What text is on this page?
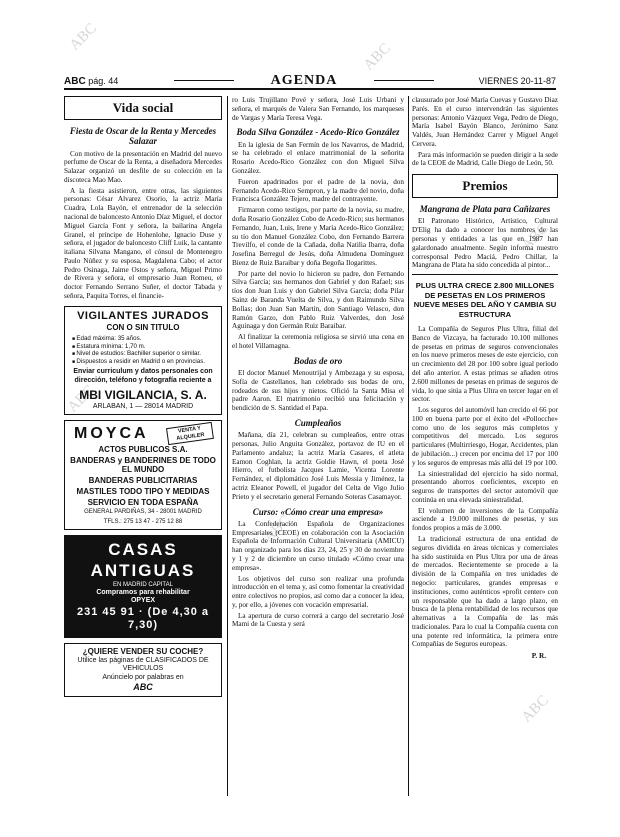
ABC
ABC
ABC
ABC
ABC
ABC
ABC pág. 44	AGENDA	VIERNES 20-11-87
Vida social
Fiesta de Oscar de la Renta y Mercedes Salazar

Con motivo de la presentación en Madrid del nuevo perfume de Oscar de la Renta, a diseñadora Mercedes Salazar organizó un desfile de su colección en la discoteca Mao Mao.

A la fiesta asistieron, entre otras, las siguientes personas: César Alvarez Osorio, la actriz María Cuadra, Lola Bayón, el entrenador de la selección nacional de baloncesto Antonio Díaz Miguel, el doctor Miguel García Font y señora, la bailarina Angela Granel, el príncipe de Hohenlohe, Ignacio Duse y señora, el jugador de baloncesto Cliff Luik, la cantante italiana Silvana Mangano, el cónsul de Montenegro Paulo Núñez y su esposa, Magdalena Cabo; el actor Pedro Osinaga, Jaime Ostos y señora, Miguel Primo de Rivera y señora, el empresario Juan Romeu, el doctor Fernando Serrano Suñer, el doctor Tabada y señora, Paquita Torres, el financie-

VIGILANTES JURADOS
CON O SIN TITULO
■ Edad máxima: 35 años.
■ Estatura mínima: 1,70 m.
■ Nivel de estudios: Bachiller superior o similar.
■ Dispuestos a residir en Madrid o en provincias.
Enviar curriculum y datos personales con dirección, teléfono y fotografía reciente a
MBI VIGILANCIA, S. A.
ARLABAN, 1 — 28014 MADRID
VENTA Y ALQUILER
MOYCA
ACTOS PUBLICOS S.A.
BANDERAS y BANDERINES DE TODO EL MUNDO
BANDERAS PUBLICITARIAS
MASTILES TODO TIPO Y MEDIDAS
SERVICIO EN TODA ESPAÑA
GENERAL PARDIÑAS, 34 - 28001 MADRID
TFLS.: 275 13 47 - 275 12 88
CASAS ANTIGUAS
EN MADRID CAPITAL
Compramos para rehabilitar
OPYEX
231 45 91 · (De 4,30 a 7,30)
¿QUIERE VENDER SU COCHE?
Utilice las páginas de CLASIFICADOS DE VEHICULOS
Anúncielo por palabras en
ABC

ro Luis Trujillano Pové y señora, José Luis Urbani y señora, el marqués de Valera San Fernando, los marqueses de Vargas y María Teresa Vega.

Boda Silva González - Acedo-Rico González

En la iglesia de San Fermín de los Navarros, de Madrid, se ha celebrado el enlace matrimonial de la señorita Rosario Acedo-Rico González con don Miguel Silva González.

Fueron apadrinados por el padre de la novia, don Fernando Acedo-Rico Sempron, y la madre del novio, doña Francisca González Tejero, madre del contrayente.

Firmaron como testigos, por parte de la novia, su madre, doña Rosario González Cobo de Acedo-Rico; sus hermanos Fernando, Juan, Luis, Irene y María Acedo-Rico González; su tío don Manuel González Cobo, don Fernando Barrera Trevilfo, el conde de la Cañada, doña Natilia Ibarra, doña Josefina Berregul de Jesús, doña Almudena Domínguez Bienz de Ruiz Baraibar y doña Begoña Ilogarittes.

Por parte del novio lo hicieron su padre, don Fernando Silva García; sus hermanos don Gabriel y don Rafael; sus tíos don Juan Luis y don Gabriel Silva García; doña Pilar Sainz de Baranda Vuelta de Silva, y don Raimundo Silva Bollas; don Juan San Martín, don Santiago Velasco, don Ramón Garzo, don Pablo Ruiz Valverdes, don José Aguinaga y don Germán Ruiz Baraibar.

Al finalizar la ceremonia religiosa se sirvió una cena en el hotel Villamagna.

Bodas de oro

El doctor Manuel Menoutrijal y Ambezaga y su esposa, Sofía de Castellanos, han celebrado sus bodas de oro, rodeados de sus hijos y nietos. Ofició la Santa Misa el padre Aaron. El matrimonio recibió una felicitación y bendición de S. Santidad el Papa.

Cumpleaños

Mañana, día 21, celebran su cumpleaños, entre otras personas, Julio Anguita González, portavoz de IU en el Parlamento andaluz; la actriz María Casares, el atleta Eamon Coghlan, la actriz Goldie Hawn, el poeta José Hierro, el futbolista Jacques Lamie, Vicenta Lorente Fernández, el diplomático José Luis Messia y Jiménez, la actriz Eleanor Powell, el jugador del Celta de Vigo Julio Prieto y el secretario general Fernando Soteras Casamayor.

Curso: «Cómo crear una empresa»

La Confederación Española de Organizaciones Empresariales (CEOE) en colaboración con la Asociación Española de Información Cultural Universitaria (AMICU) han organizado para los días 23, 24, 25 y 30 de noviembre y 1 y 2 de diciembre un curso titulado «Cómo crear una empresa».

Los objetivos del curso son realizar una profunda introducción en el tema y, así como fomentar la creatividad entre colectivos no propios, así como dar a conocer la idea, y, por ello, a jóvenes con vocación empresarial.

La apertura de curso correrá a cargo del secretario José Mami de la Cuesta y será

clausurado por José María Cuevas y Gustavo Diaz Parés. En el curso intervendrán las siguientes personas: Antonio Vázquez Vega, Pedro de Diego, María Isabel Bayón Blanco, Jerónimo Sanz Valdés, Juan Hernández Carrer y Miguel Angel Cervera.

Para más información se pueden dirigir a la sede de la CEOE de Madrid, Calle Diego de León, 50.

Premios
Mangrana de Plata para Cañizares

El Patronato Histórico, Artístico, Cultural D'Elig ha dado a conocer los nombres de las personas y entidades a las que en 1987 han galardonado anualmente. Según informa nuestro corresponsal Pedro Maciá, Pedro Chillar, la Mangrana de Plata ha sido concedida al pintor...

PLUS ULTRA CRECE 2.800 MILLONES DE PESETAS EN LOS PRIMEROS NUEVE MESES DEL AÑO Y CAMBIA SU ESTRUCTURA

La Compañía de Seguros Plus Ultra, filial del Banco de Vizcaya, ha facturado 10.100 millones de pesetas en primas de seguros convencionales en los nueve primeros meses de este ejercicio, con un crecimiento del 28 por 100 sobre igual período del año anterior. A estas primas se añaden otros 2.600 millones de pesetas en primas de seguros de vida, lo que sitúa a Plus Ultra en tercer lugar en el sector.

Los seguros del automóvil han crecido el 66 por 100 en buena parte por el éxito del «Pollocche» como uno de los seguros más completos y competitivos del mercado. Los seguros particulares (Multirriesgo, Hogar, Accidentes, plan de jubilación...) crecen por encima del 17 por 100 y los seguros de empresas más allá del 19 por 100.

La siniestralidad del ejercicio ha sido normal, presentando ahorros coeficientes, excepto en seguros de transportes del sector automóvil que continúa en una elevada siniestralidad.

El volumen de inversiones de la Compañía asciende a 19.000 millones de pesetas, y sus fondos propios a más de 3.000.

La tradicional estructura de una entidad de seguros dividida en áreas técnicas y comerciales ha sido sustituida en Plus Ultra por una de áreas de mercados. Recientemente se procede a la división de la Compañía en tres unidades de negocio: particulares, grandes empresas e instituciones, como auténticos «profit center» con un responsable que ha dado a largo plazo, en busca de la plena rentabilidad de los recursos que alternativas a la Compañía de las más tradicionales. Para lo cual la Compañía cuenta con una potente red informática, la primera entre Compañías de Seguros europeas.

P. R.
